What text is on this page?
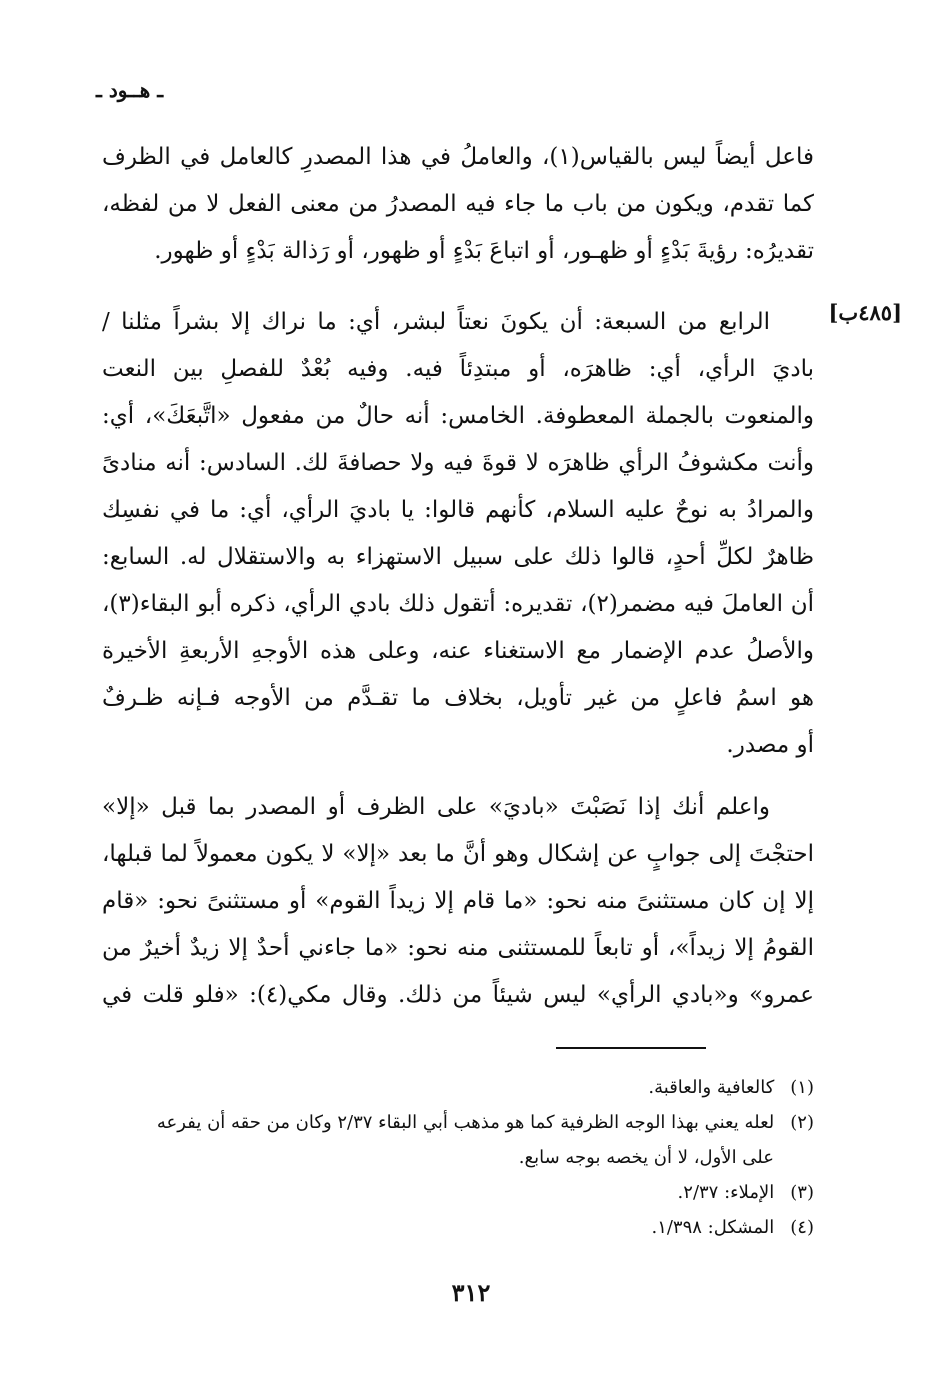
ـ هــود ـ
[٤٨٥ب]
فاعل أيضاً ليس بالقياس(١)، والعاملُ في هذا المصدرِ كالعامل في الظرف
كما تقدم، ويكون من باب ما جاء فيه المصدرُ من معنى الفعل لا من لفظه،
تقديرُه: رؤيةَ بَدْءٍ أو ظهـور، أو اتباعَ بَدْءٍ أو ظهور، أو رَذالة بَدْءٍ أو ظهور.
الرابع من السبعة: أن يكونَ نعتاً لبشر، أي: ما نراك إلا بشراً مثلنا /
باديَ الرأي، أي: ظاهرَه، أو مبتدِئاً فيه. وفيه بُعْدٌ للفصلِ بين النعت
والمنعوت بالجملة المعطوفة. الخامس: أنه حالٌ من مفعول «اتَّبعَكَ»، أي:
وأنت مكشوفُ الرأي ظاهرَه لا قوةَ فيه ولا حصافةَ لك. السادس: أنه منادىً
والمرادُ به نوحٌ عليه السلام، كأنهم قالوا: يا باديَ الرأي، أي: ما في نفسِك
ظاهرٌ لكلِّ أحدٍ، قالوا ذلك على سبيل الاستهزاء به والاستقلال له. السابع:
أن العاملَ فيه مضمر(٢)، تقديره: أتقول ذلك بادي الرأي، ذكره أبو البقاء(٣)،
والأصلُ عدم الإضمار مع الاستغناء عنه، وعلى هذه الأوجهِ الأربعةِ الأخيرة
هو اسمُ فاعلٍ من غير تأويل، بخلاف ما تقـدَّم من الأوجه فـإنه ظـرفٌ
أو مصدر.
واعلم أنك إذا نَصَبْتَ «باديَ» على الظرف أو المصدر بما قبل «إلا»
احتجْتَ إلى جوابٍ عن إشكال وهو أنَّ ما بعد «إلا» لا يكون معمولاً لما قبلها،
إلا إن كان مستثنىً منه نحو: «ما قام إلا زيداً القوم» أو مستثنىً نحو: «قام
القومُ إلا زيداً»، أو تابعاً للمستثنى منه نحو: «ما جاءني أحدٌ إلا زيدٌ أخيرٌ من
عمرو» و«بادي الرأي» ليس شيئاً من ذلك. وقال مكي(٤): «فلو قلت في
(١) كالعافية والعاقبة.
(٢) لعله يعني بهذا الوجه الظرفية كما هو مذهب أبي البقاء ٢/٣٧ وكان من حقه أن يفرعه
على الأول، لا أن يخصه بوجه سابع.
(٣) الإملاء: ٢/٣٧.
(٤) المشكل: ١/٣٩٨.
٣١٢
